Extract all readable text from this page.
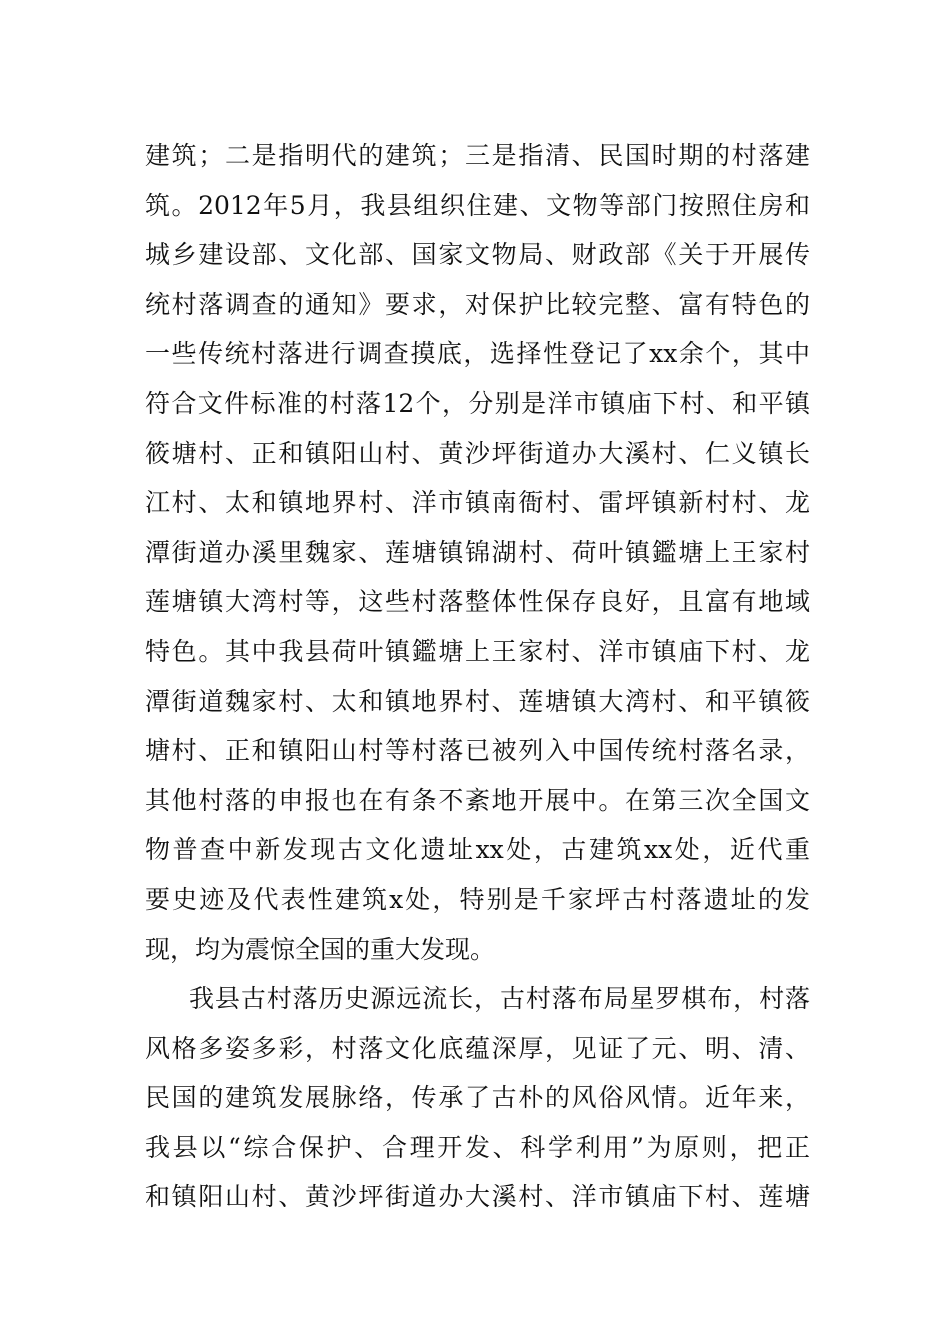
建筑；二是指明代的建筑；三是指清、民国时期的村落建
筑。2012年5月，我县组织住建、文物等部门按照住房和
城乡建设部、文化部、国家文物局、财政部《关于开展传
统村落调查的通知》要求，对保护比较完整、富有特色的
一些传统村落进行调查摸底，选择性登记了xx余个，其中
符合文件标准的村落12个，分别是洋市镇庙下村、和平镇
筱塘村、正和镇阳山村、黄沙坪街道办大溪村、仁义镇长
江村、太和镇地界村、洋市镇南衙村、雷坪镇新村村、龙
潭街道办溪里魏家、莲塘镇锦湖村、荷叶镇鑑塘上王家村
莲塘镇大湾村等，这些村落整体性保存良好，且富有地域
特色。其中我县荷叶镇鑑塘上王家村、洋市镇庙下村、龙
潭街道魏家村、太和镇地界村、莲塘镇大湾村、和平镇筱
塘村、正和镇阳山村等村落已被列入中国传统村落名录，
其他村落的申报也在有条不紊地开展中。在第三次全国文
物普查中新发现古文化遗址xx处，古建筑xx处，近代重
要史迹及代表性建筑x处，特别是千家坪古村落遗址的发
现，均为震惊全国的重大发现。
我县古村落历史源远流长，古村落布局星罗棋布，村落
风格多姿多彩，村落文化底蕴深厚，见证了元、明、清、
民国的建筑发展脉络，传承了古朴的风俗风情。近年来，
我县以“综合保护、合理开发、科学利用”为原则，把正
和镇阳山村、黄沙坪街道办大溪村、洋市镇庙下村、莲塘
